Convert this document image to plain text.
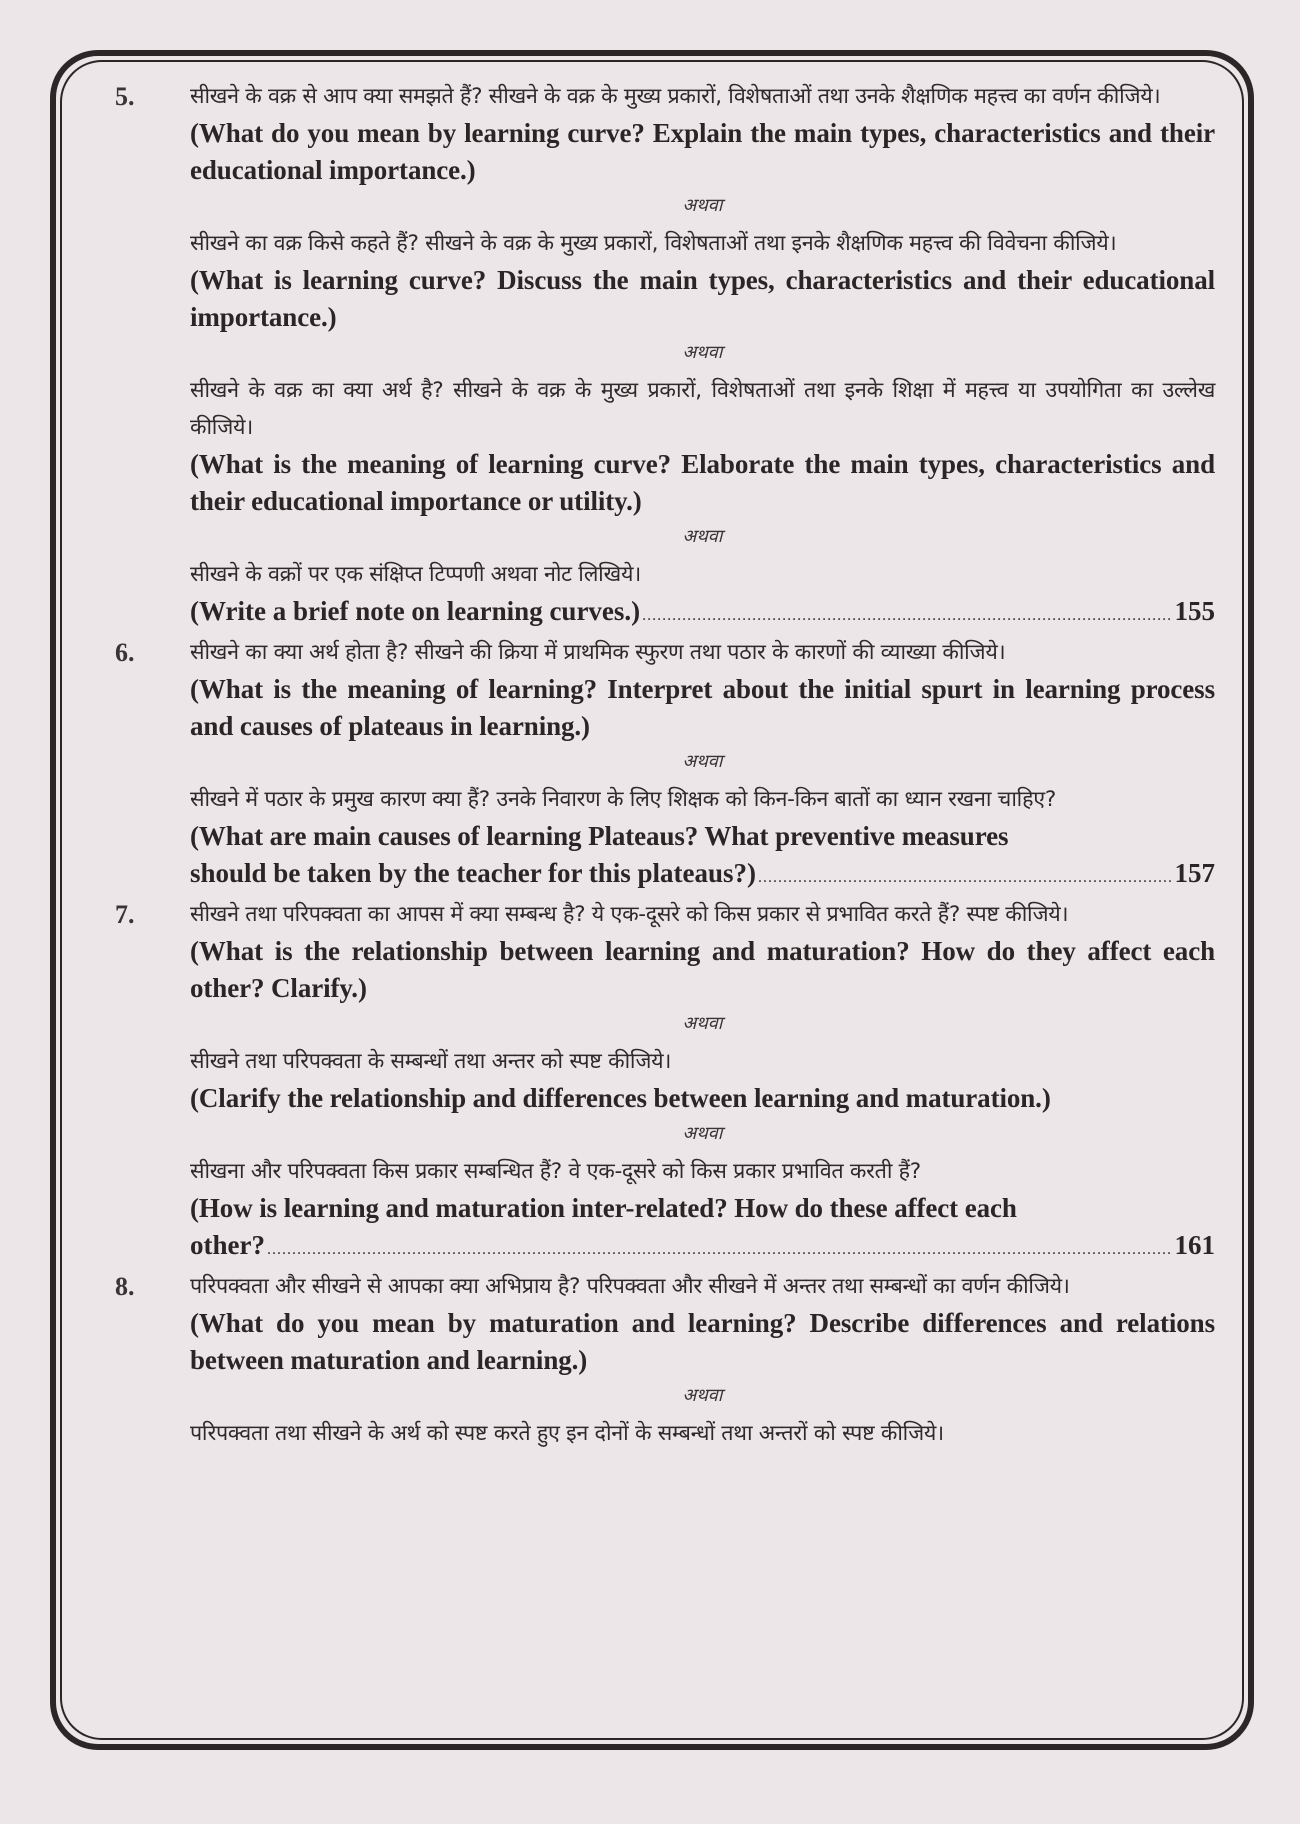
5.	सीखने के वक्र से आप क्या समझते हैं? सीखने के वक्र के मुख्य प्रकारों, विशेषताओं तथा उनके शैक्षणिक महत्त्व का वर्णन कीजिये।

(What do you mean by learning curve? Explain the main types, characteristics and their educational importance.)

अथवा

सीखने का वक्र किसे कहते हैं? सीखने के वक्र के मुख्य प्रकारों, विशेषताओं तथा इनके शैक्षणिक महत्त्व की विवेचना कीजिये।

(What is learning curve? Discuss the main types, characteristics and their educational importance.)

अथवा

सीखने के वक्र का क्या अर्थ है? सीखने के वक्र के मुख्य प्रकारों, विशेषताओं तथा इनके शिक्षा में महत्त्व या उपयोगिता का उल्लेख कीजिये।

(What is the meaning of learning curve? Elaborate the main types, characteristics and their educational importance or utility.)

अथवा

सीखने के वक्रों पर एक संक्षिप्त टिप्पणी अथवा नोट लिखिये।

(Write a brief note on learning curves.) .....	155
6.	सीखने का क्या अर्थ होता है? सीखने की क्रिया में प्राथमिक स्फुरण तथा पठार के कारणों की व्याख्या कीजिये।

(What is the meaning of learning? Interpret about the initial spurt in learning process and causes of plateaus in learning.)

अथवा

सीखने में पठार के प्रमुख कारण क्या हैं? उनके निवारण के लिए शिक्षक को किन-किन बातों का ध्यान रखना चाहिए?

(What are main causes of learning Plateaus? What preventive measures

should be taken by the teacher for this plateaus?) .....	157
7.	सीखने तथा परिपक्वता का आपस में क्या सम्बन्ध है? ये एक-दूसरे को किस प्रकार से प्रभावित करते हैं? स्पष्ट कीजिये।

(What is the relationship between learning and maturation? How do they affect each other? Clarify.)

अथवा

सीखने तथा परिपक्वता के सम्बन्धों तथा अन्तर को स्पष्ट कीजिये।

(Clarify the relationship and differences between learning and maturation.)

अथवा

सीखना और परिपक्वता किस प्रकार सम्बन्धित हैं? वे एक-दूसरे को किस प्रकार प्रभावित करती हैं?

(How is learning and maturation inter-related? How do these affect each

other? .....	161
8.	परिपक्वता और सीखने से आपका क्या अभिप्राय है? परिपक्वता और सीखने में अन्तर तथा सम्बन्धों का वर्णन कीजिये।

(What do you mean by maturation and learning? Describe differences and relations between maturation and learning.)

अथवा

परिपक्वता तथा सीखने के अर्थ को स्पष्ट करते हुए इन दोनों के सम्बन्धों तथा अन्तरों को स्पष्ट कीजिये।
